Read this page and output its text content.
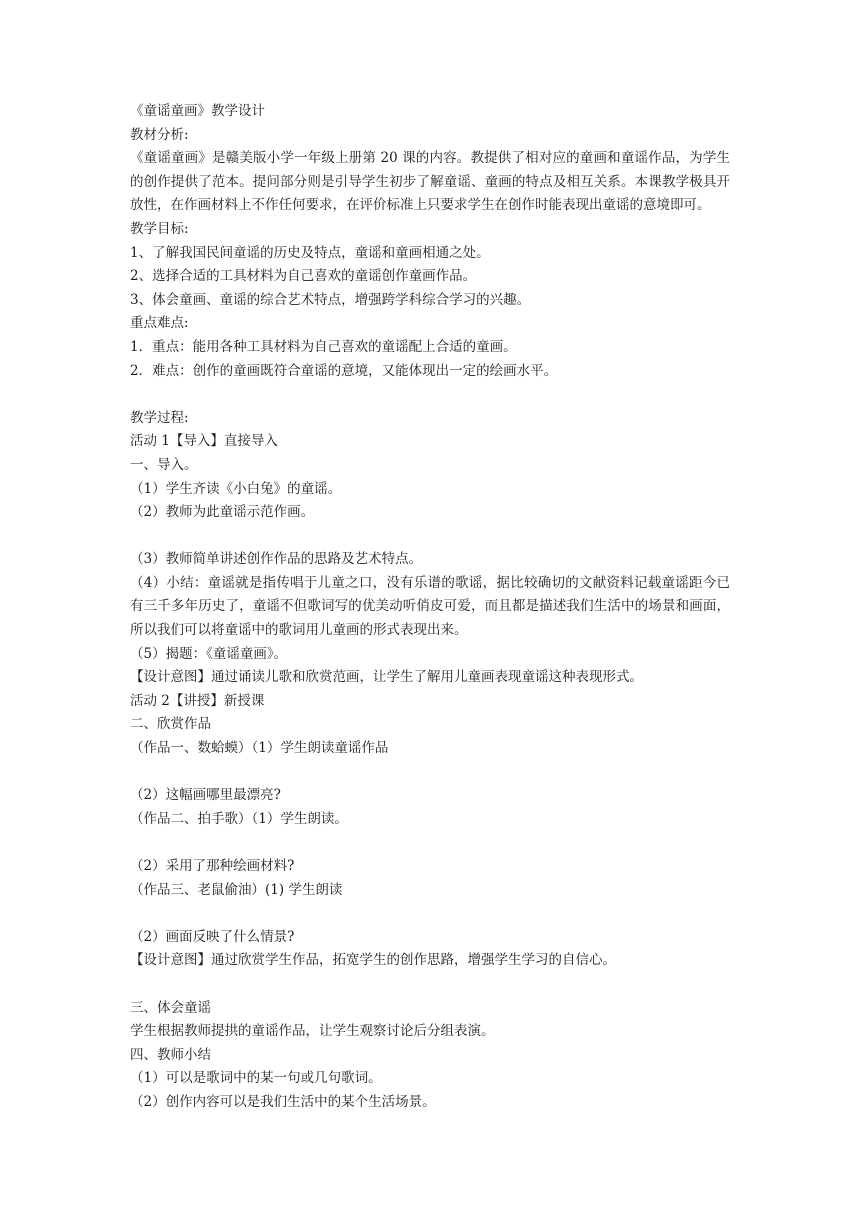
《童谣童画》教学设计
教材分析:
《童谣童画》是赣美版小学一年级上册第 20 课的内容。教提供了相对应的童画和童谣作品，为学生的创作提供了范本。提问部分则是引导学生初步了解童谣、童画的特点及相互关系。本课教学极具开放性，在作画材料上不作任何要求，在评价标准上只要求学生在创作时能表现出童谣的意境即可。
教学目标:
1、了解我国民间童谣的历史及特点，童谣和童画相通之处。
2、选择合适的工具材料为自己喜欢的童谣创作童画作品。
3、体会童画、童谣的综合艺术特点，增强跨学科综合学习的兴趣。
重点难点:
1．重点：能用各种工具材料为自己喜欢的童谣配上合适的童画。
2．难点：创作的童画既符合童谣的意境，又能体现出一定的绘画水平。
教学过程:
活动 1【导入】直接导入
一、导入。
（1）学生齐读《小白兔》的童谣。
（2）教师为此童谣示范作画。
（3）教师简单讲述创作作品的思路及艺术特点。
（4）小结：童谣就是指传唱于儿童之口，没有乐谱的歌谣，据比较确切的文献资料记载童谣距今已有三千多年历史了，童谣不但歌词写的优美动听俏皮可爱，而且都是描述我们生活中的场景和画面，所以我们可以将童谣中的歌词用儿童画的形式表现出来。
（5）揭题：《童谣童画》。
【设计意图】通过诵读儿歌和欣赏范画，让学生了解用儿童画表现童谣这种表现形式。
活动 2【讲授】新授课
二、欣赏作品
（作品一、数蛤蟆）（1）学生朗读童谣作品
（2）这幅画哪里最漂亮?
（作品二、拍手歌）（1）学生朗读。
（2）采用了那种绘画材料?
（作品三、老鼠偷油）(1) 学生朗读
（2）画面反映了什么情景?
【设计意图】通过欣赏学生作品，拓宽学生的创作思路，增强学生学习的自信心。
三、体会童谣
学生根据教师提拱的童谣作品，让学生观察讨论后分组表演。
四、教师小结
（1）可以是歌词中的某一句或几句歌词。
（2）创作内容可以是我们生活中的某个生活场景。
